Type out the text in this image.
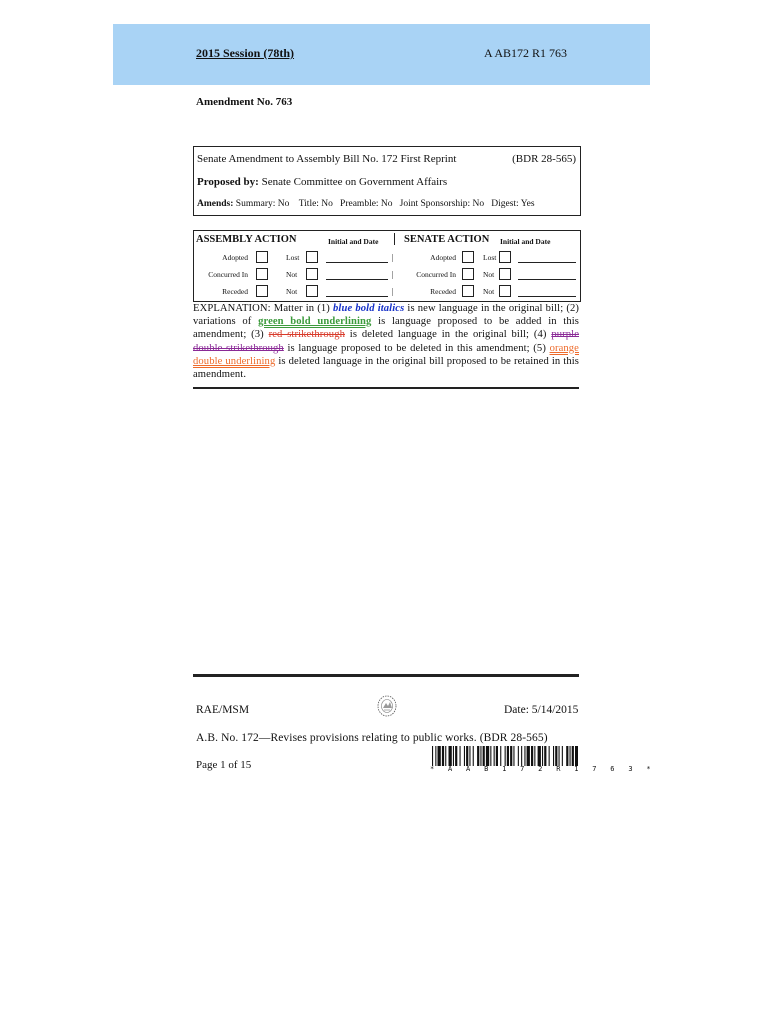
2015 Session (78th)	A AB172 R1 763
Amendment No. 763
Senate Amendment to Assembly Bill No. 172 First Reprint	(BDR 28-565)
Proposed by: Senate Committee on Government Affairs
Amends: Summary: No    Title: No   Preamble: No   Joint Sponsorship: No   Digest: Yes
ASSEMBLY ACTION	Initial and Date SENATE ACTION Initial and Date
Adopted	Lost	|	Adopted	Lost
Concurred In	Not	|	Concurred In	Not
Receded	Not	|	Receded	Not
EXPLANATION: Matter in (1) blue bold italics is new language in the original bill; (2) variations of green bold underlining is language proposed to be added in this amendment; (3) red strikethrough is deleted language in the original bill; (4) purple double strikethrough is language proposed to be deleted in this amendment; (5) orange double underlining is deleted language in the original bill proposed to be retained in this amendment.
RAE/MSM	Date: 5/14/2015
A.B. No. 172—Revises provisions relating to public works. (BDR 28-565)
Page 1 of 15	* A A B 1 7 2 R 1 7 6 3 *
